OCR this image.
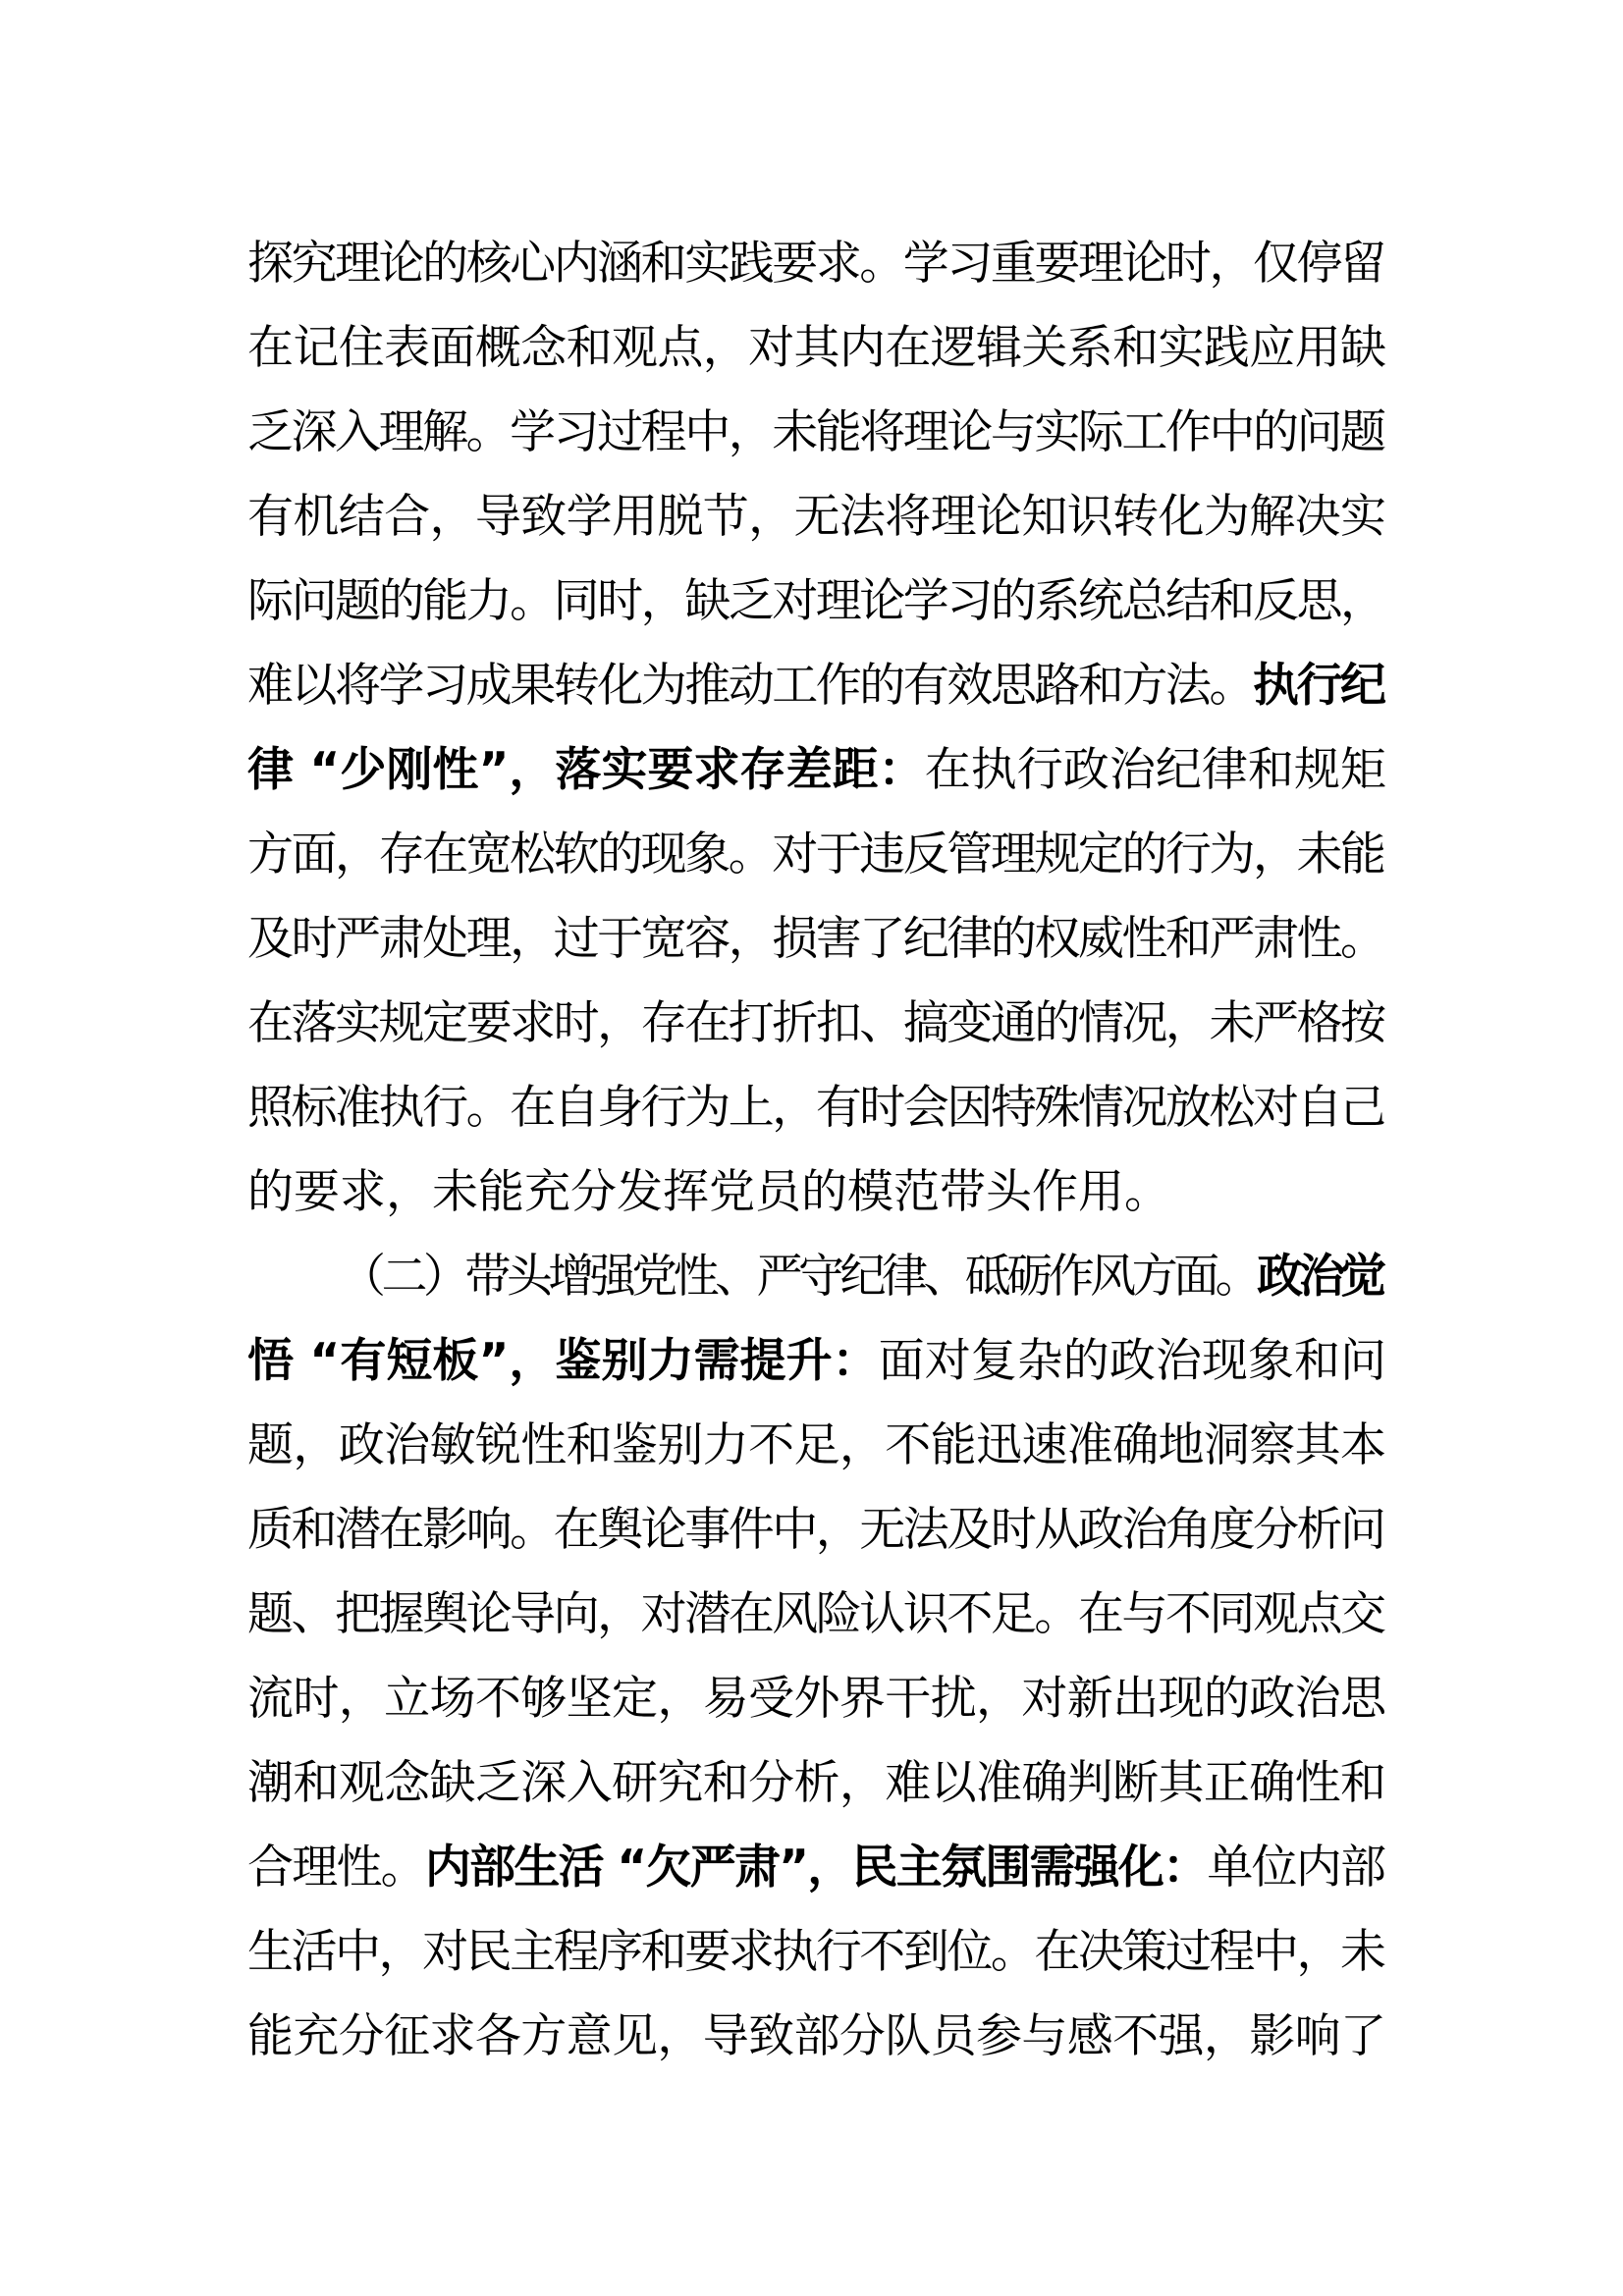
探究理论的核心内涵和实践要求。学习重要理论时，仅停留
在记住表面概念和观点，对其内在逻辑关系和实践应用缺
乏深入理解。学习过程中，未能将理论与实际工作中的问题
有机结合，导致学用脱节，无法将理论知识转化为解决实
际问题的能力。同时，缺乏对理论学习的系统总结和反思，
难以将学习成果转化为推动工作的有效思路和方法。执行纪
律 “少刚性”，落实要求存差距：在执行政治纪律和规矩
方面，存在宽松软的现象。对于违反管理规定的行为，未能
及时严肃处理，过于宽容，损害了纪律的权威性和严肃性。
在落实规定要求时，存在打折扣、搞变通的情况，未严格按
照标准执行。在自身行为上，有时会因特殊情况放松对自己
的要求，未能充分发挥党员的模范带头作用。
（二）带头增强党性、严守纪律、砥砺作风方面。政治觉
悟 “有短板”，鉴别力需提升：面对复杂的政治现象和问
题，政治敏锐性和鉴别力不足，不能迅速准确地洞察其本
质和潜在影响。在舆论事件中，无法及时从政治角度分析问
题、把握舆论导向，对潜在风险认识不足。在与不同观点交
流时，立场不够坚定，易受外界干扰，对新出现的政治思
潮和观念缺乏深入研究和分析，难以准确判断其正确性和
合理性。内部生活 “欠严肃”，民主氛围需强化：单位内部
生活中，对民主程序和要求执行不到位。在决策过程中，未
能充分征求各方意见，导致部分队员参与感不强，影响了
